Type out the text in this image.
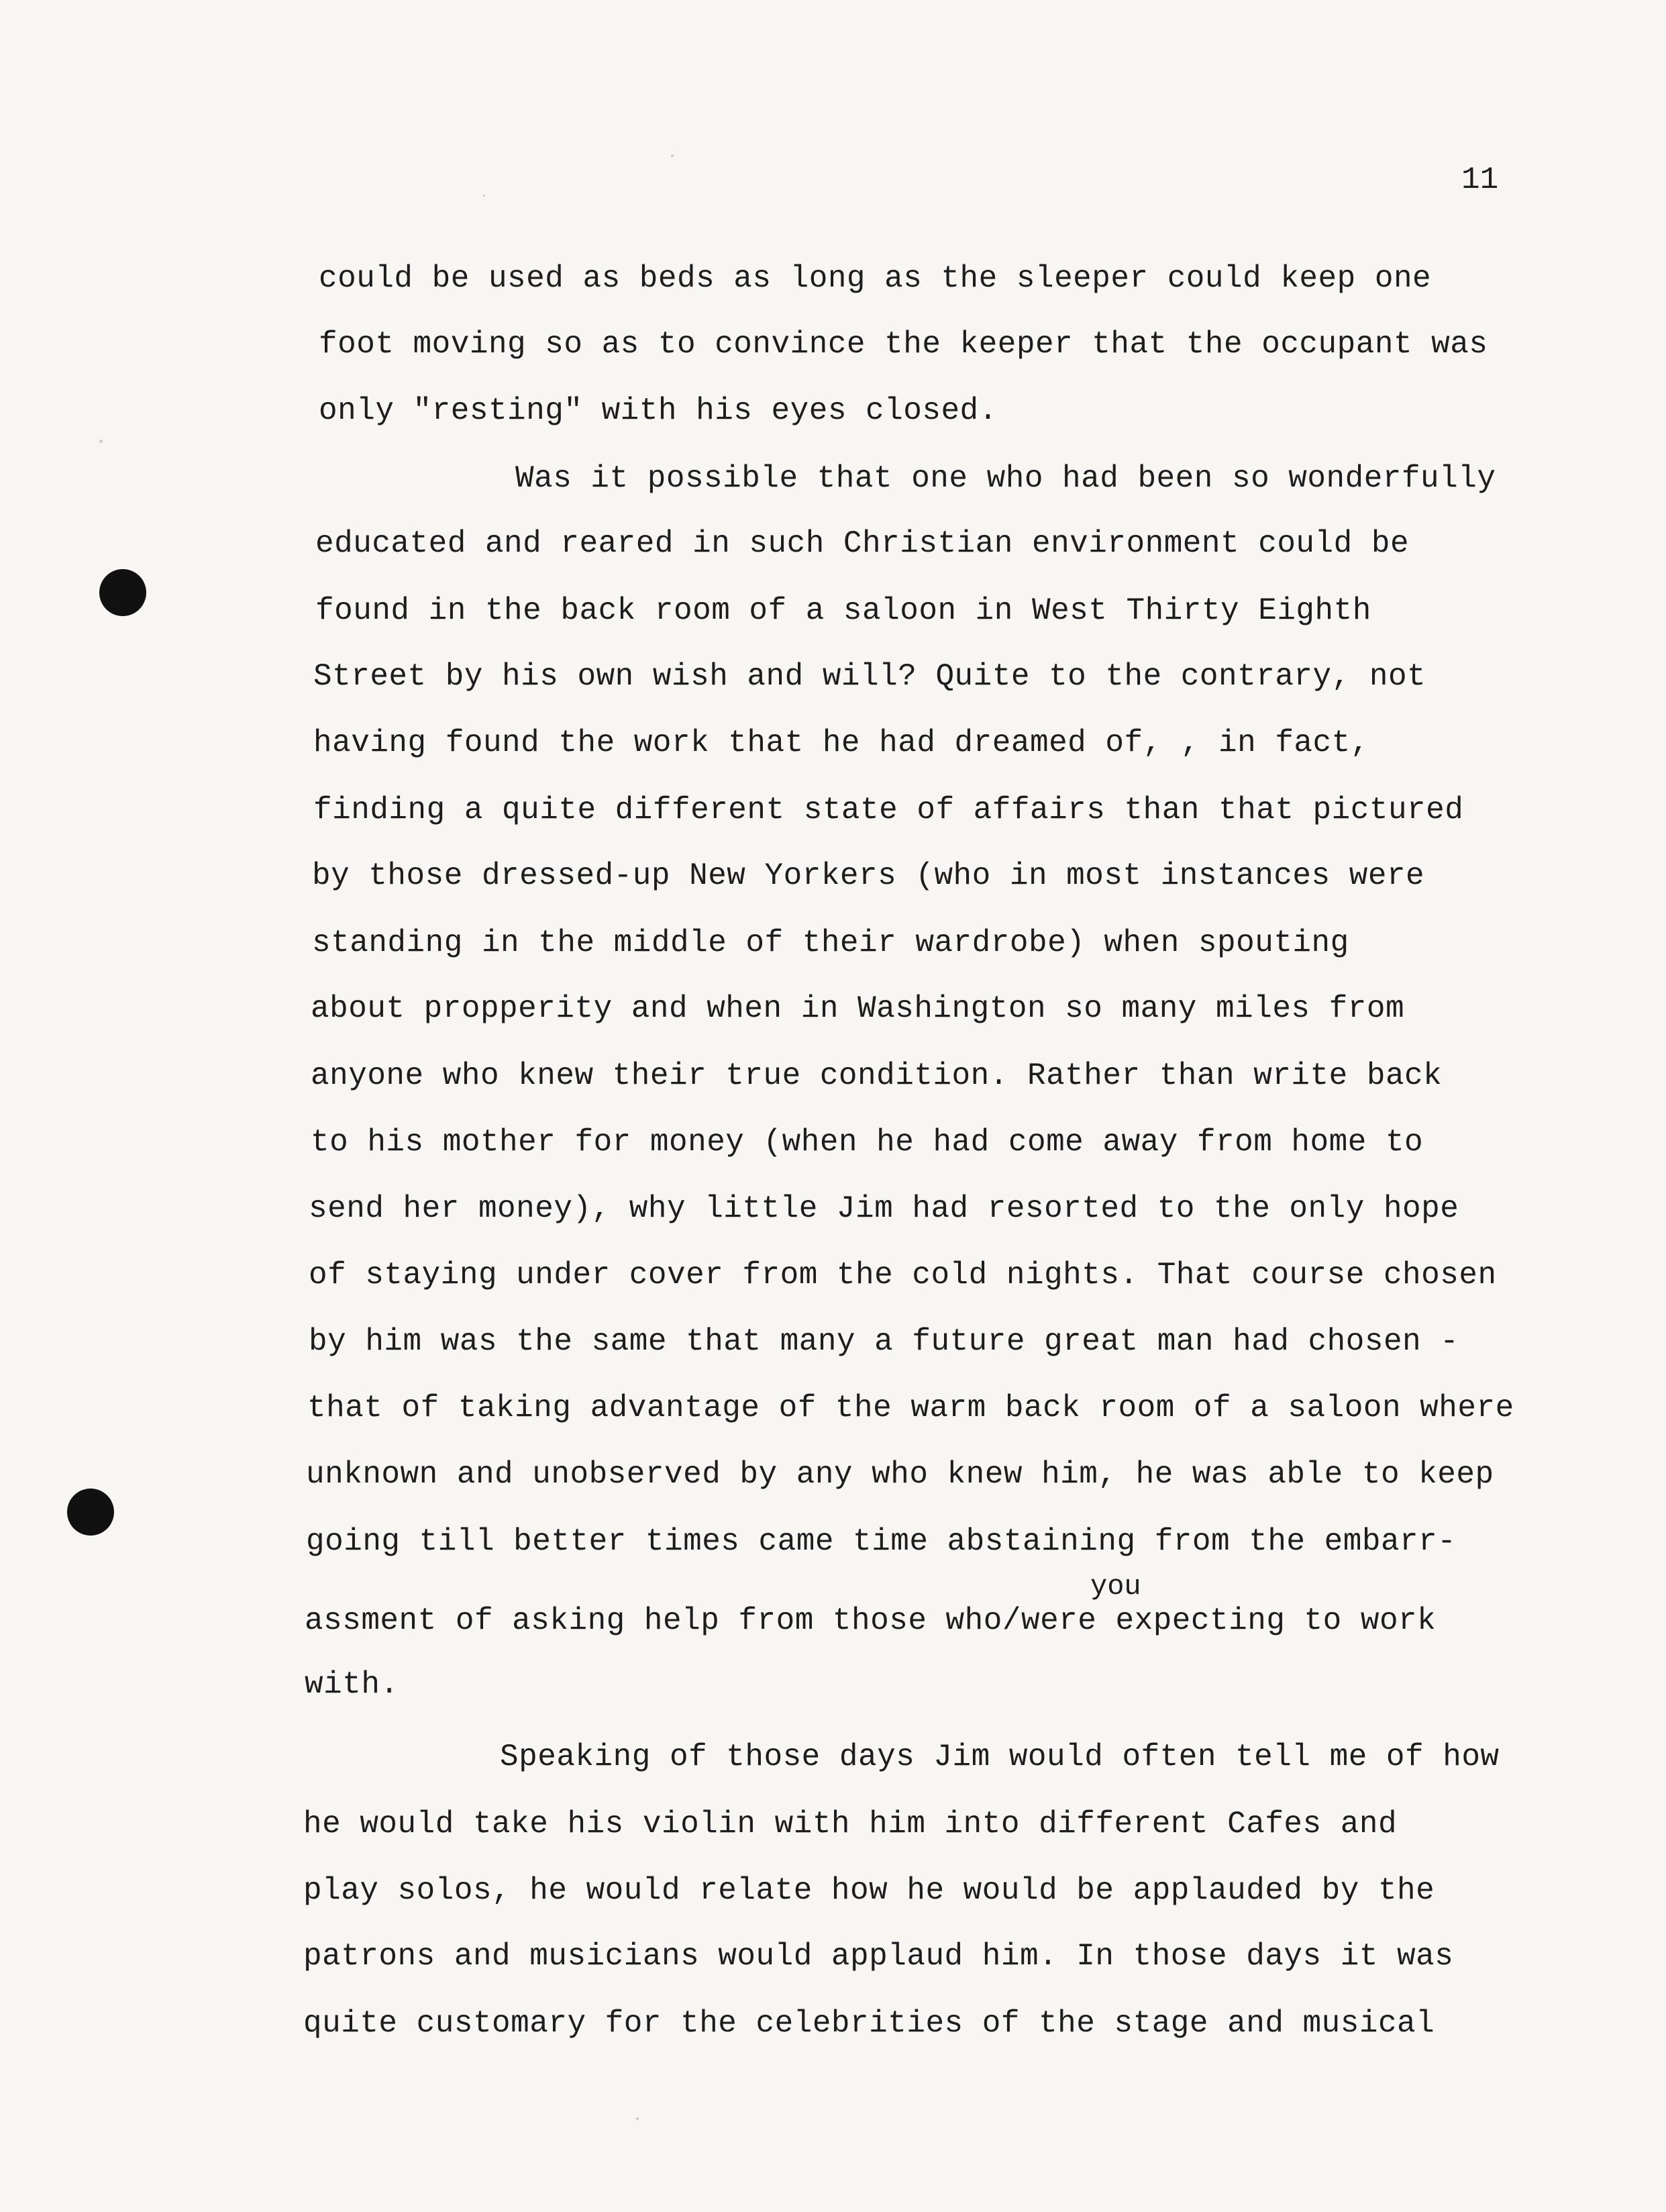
11
could be used as beds as long as the sleeper could keep one
foot moving so as to convince the keeper that the occupant was
only "resting" with his eyes closed.
Was it possible that one who had been so wonderfully
educated and reared in such Christian environment could be
found in the back room of a saloon in West Thirty Eighth
Street by his own wish and will? Quite to the contrary, not
having found the work that he had dreamed of, , in fact,
finding a quite different state of affairs than that pictured
by those dressed-up New Yorkers (who in most instances were
standing in the middle of their wardrobe) when spouting
about propperity and when in Washington so many miles from
anyone who knew their true condition. Rather than write back
to his mother for money (when he had come away from home to
send her money), why little Jim had resorted to the only hope
of staying under cover from the cold nights. That course chosen
by him was the same that many a future great man had chosen -
that of taking advantage of the warm back room of a saloon where
unknown and unobserved by any who knew him, he was able to keep
going till better times came time abstaining from the embarr-
you
assment of asking help from those who/were expecting to work
with.
Speaking of those days Jim would often tell me of how
he would take his violin with him into different Cafes and
play solos, he would relate how he would be applauded by the
patrons and musicians would applaud him. In those days it was
quite customary for the celebrities of the stage and musical
